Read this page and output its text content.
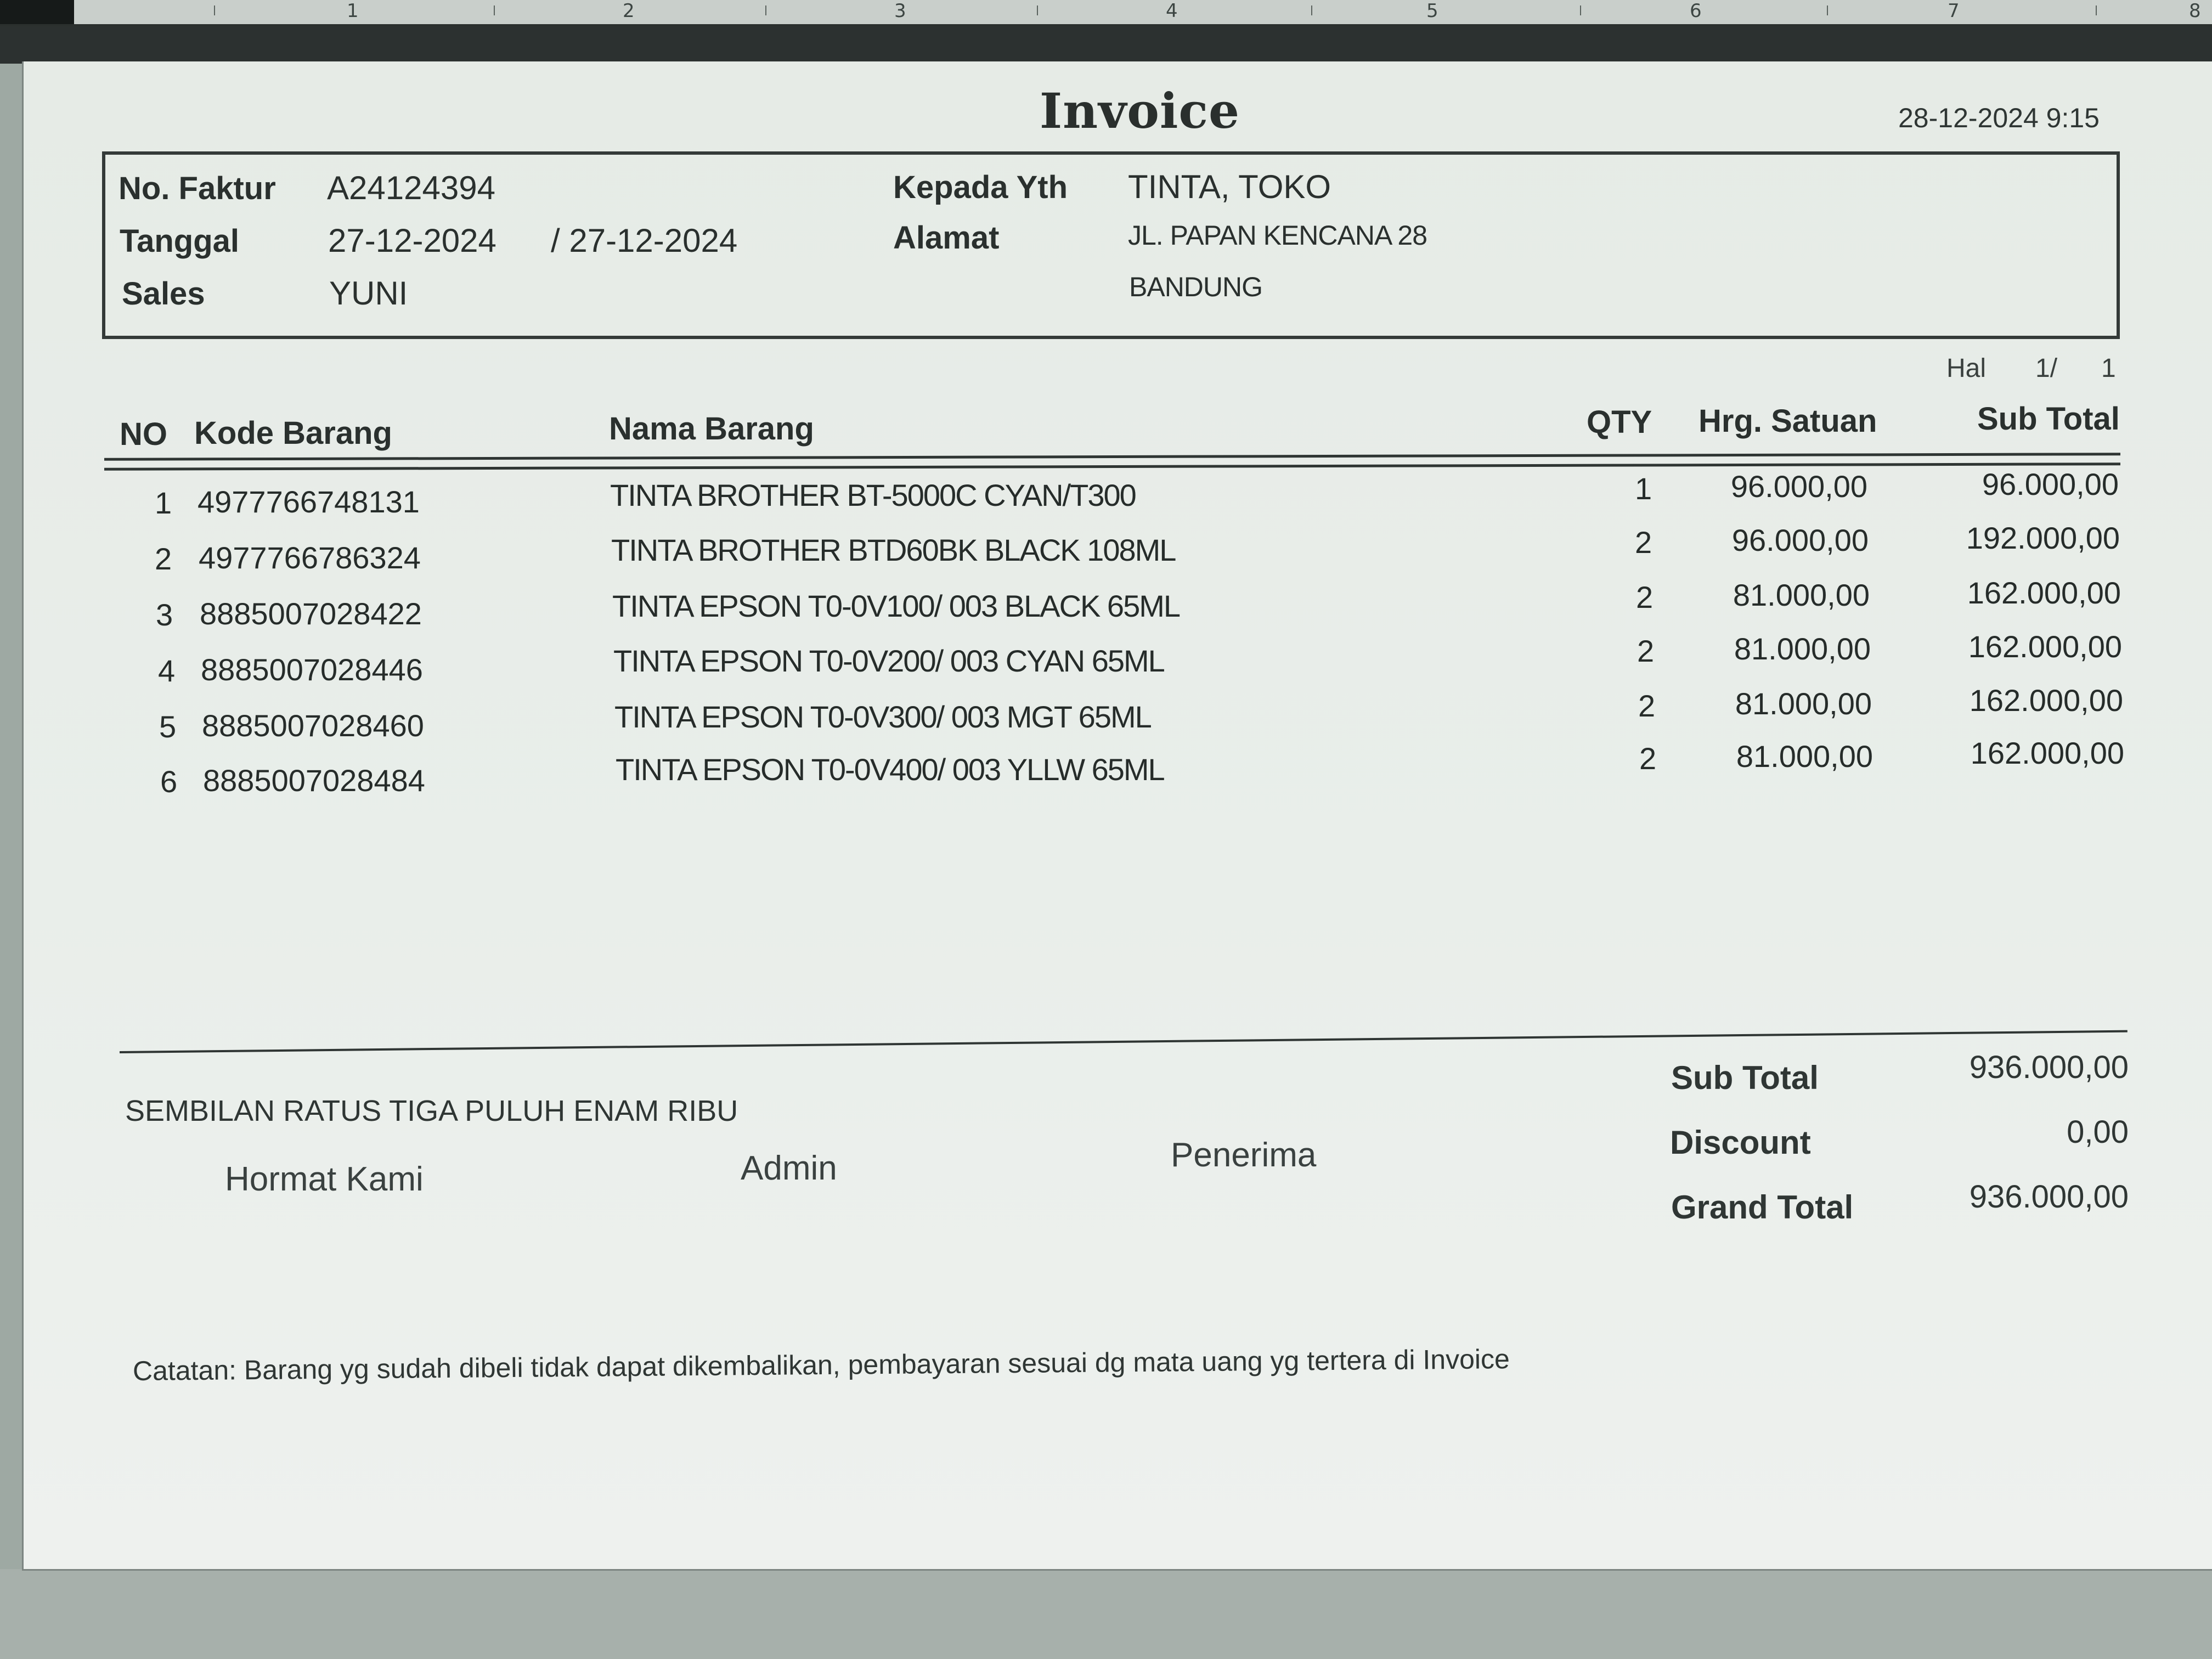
1	2	3	4	5	6	7	8
Invoice	28-12-2024 9:15
No. Faktur A24124394
Tanggal	27-12-2024 / 27-12-2024
Sales	YUNI
Kepada Yth TINTA, TOKO
Alamat	JL. PAPAN KENCANA 28
BANDUNG
Hal 1/ 1
NO Kode Barang	Nama Barang	QTY Hrg. Satuan	Sub Total
1 4977766748131	TINTA BROTHER BT-5000C CYAN/T300	1	96.000,00	96.000,00
2 4977766786324	TINTA BROTHER BTD60BK BLACK 108ML	2	96.000,00	192.000,00
3 8885007028422	TINTA EPSON T0-0V100/ 003 BLACK 65ML	2	81.000,00	162.000,00
4 8885007028446	TINTA EPSON T0-0V200/ 003 CYAN 65ML	2	81.000,00	162.000,00
5 8885007028460	TINTA EPSON T0-0V300/ 003 MGT 65ML	2	81.000,00	162.000,00
6 8885007028484	TINTA EPSON T0-0V400/ 003 YLLW 65ML	2	81.000,00	162.000,00
SEMBILAN RATUS TIGA PULUH ENAM RIBU
Hormat Kami	Admin	Penerima
Sub Total	936.000,00
Discount	0,00
Grand Total	936.000,00
Catatan: Barang yg sudah dibeli tidak dapat dikembalikan, pembayaran sesuai dg mata uang yg tertera di Invoice
